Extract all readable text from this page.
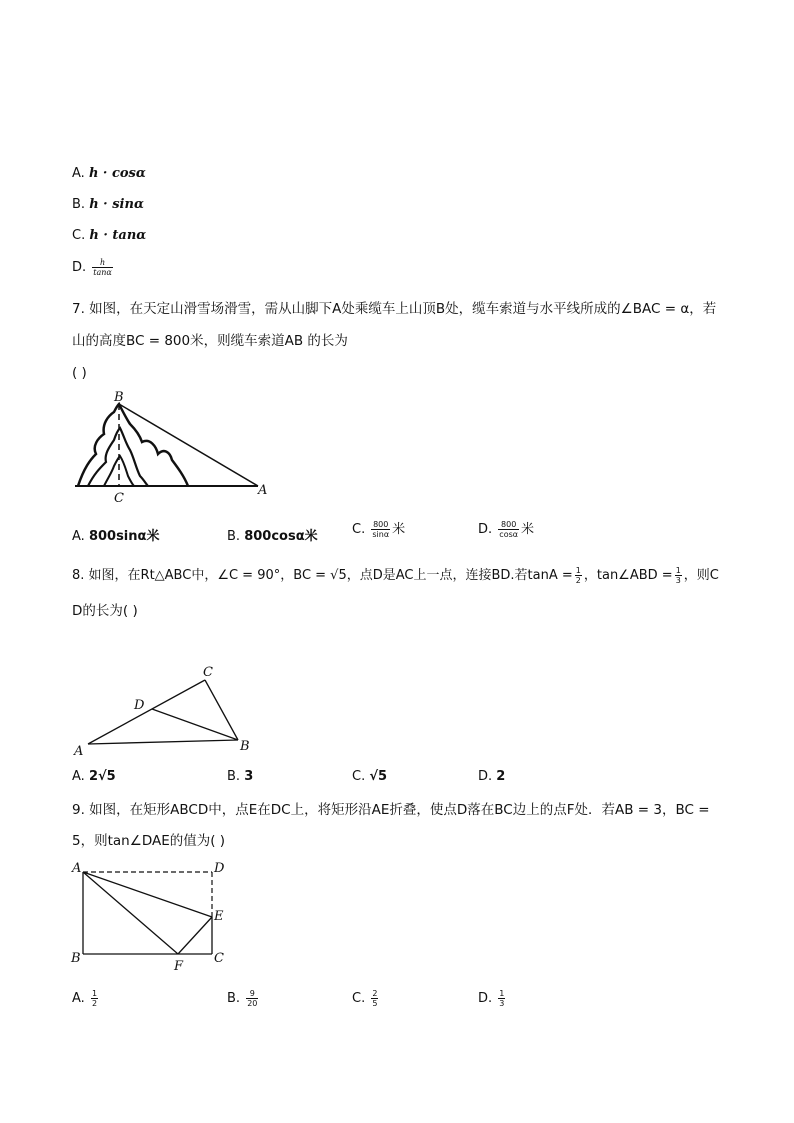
A. h · cosα
B. h · sinα
C. h · tanα
D. $\frac{h}{\tan\alpha}$
7. 如图，在天定山滑雪场滑雪，需从山脚下A处乘缆车上山顶B处，缆车索道与水平线所成的∠BAC = α，若
山的高度BC = 800米，则缆车索道AB 的长为
( )
B
C
A
A. 800sinα米	B. 800cosα米	C. $\frac{800}{\sin\alpha}$ 米	D. $\frac{800}{\cos\alpha}$ 米
8. 如图，在Rt△ABC中，∠C = 90°，BC = √5，点D是AC上一点，连接BD.若$\tan A = \frac{1}{2}$ ，tan∠ABD = $\frac{1}{3}$ ，则C
D的长为( )
A	B
C
D
A. 2√5	B. 3	C. √5	D. 2
9. 如图，在矩形ABCD中，点E在DC上，将矩形沿AE折叠，使点D落在BC边上的点F处．若AB = 3，BC =
5，则tan∠DAE的值为( )
A	D
E
B
F
C
A. $\frac{1}{2}$	B. $\frac{9}{20}$	C. $\frac{2}{5}$	D. $\frac{1}{3}$
